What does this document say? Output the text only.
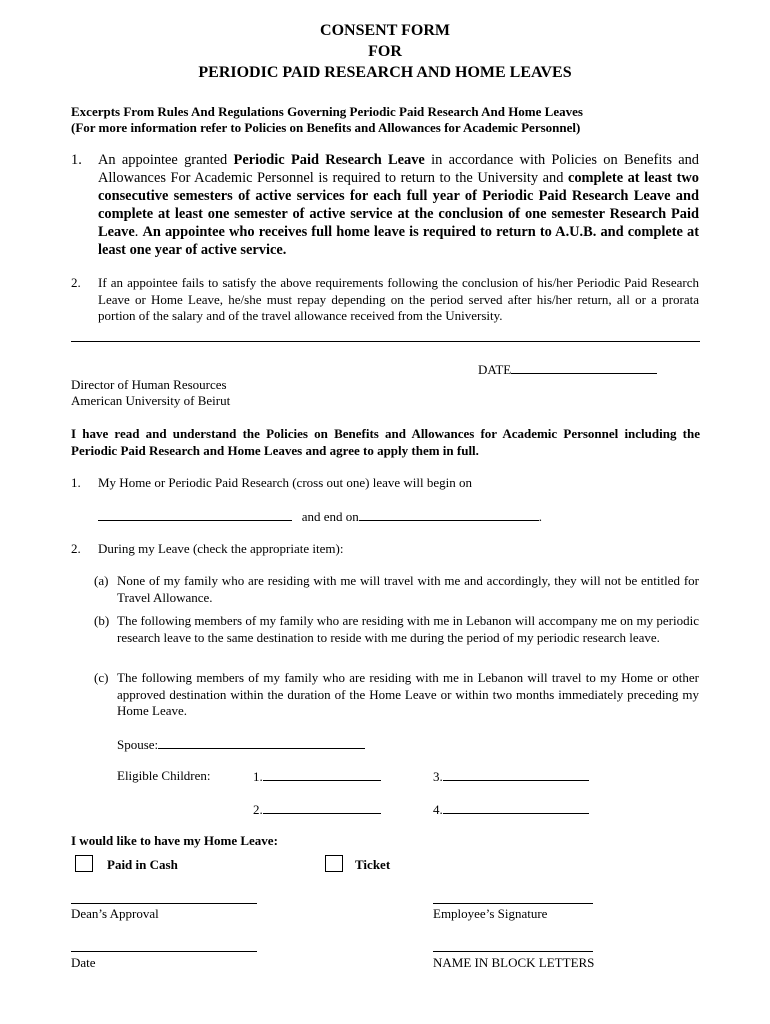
CONSENT FORM
FOR
PERIODIC PAID RESEARCH AND HOME LEAVES
Excerpts From Rules And Regulations Governing Periodic Paid Research And Home Leaves
(For more information refer to Policies on Benefits and Allowances for Academic Personnel)
1. An appointee granted Periodic Paid Research Leave in accordance with Policies on Benefits and Allowances For Academic Personnel is required to return to the University and complete at least two consecutive semesters of active services for each full year of Periodic Paid Research Leave and complete at least one semester of active service at the conclusion of one semester Research Paid Leave. An appointee who receives full home leave is required to return to A.U.B. and complete at least one year of active service.
2. If an appointee fails to satisfy the above requirements following the conclusion of his/her Periodic Paid Research Leave or Home Leave, he/she must repay depending on the period served after his/her return, all or a prorata portion of the salary and of the travel allowance received from the University.
DATE
Director of Human Resources
American University of Beirut
I have read and understand the Policies on Benefits and Allowances for Academic Personnel including the Periodic Paid Research and Home Leaves and agree to apply them in full.
1. My Home or Periodic Paid Research (cross out one) leave will begin on
and end on	.
2. During my Leave (check the appropriate item):
(a) None of my family who are residing with me will travel with me and accordingly, they will not be entitled for Travel Allowance.
(b) The following members of my family who are residing with me in Lebanon will accompany me on my periodic research leave to the same destination to reside with me during the period of my periodic research leave.
(c) The following members of my family who are residing with me in Lebanon will travel to my Home or other approved destination within the duration of the Home Leave or within two months immediately preceding my Home Leave.
Spouse:
Eligible Children:	1.	3.
2.	4.
I would like to have my Home Leave:
Paid in Cash	Ticket
Dean’s Approval	Employee’s Signature
Date	NAME IN BLOCK LETTERS
